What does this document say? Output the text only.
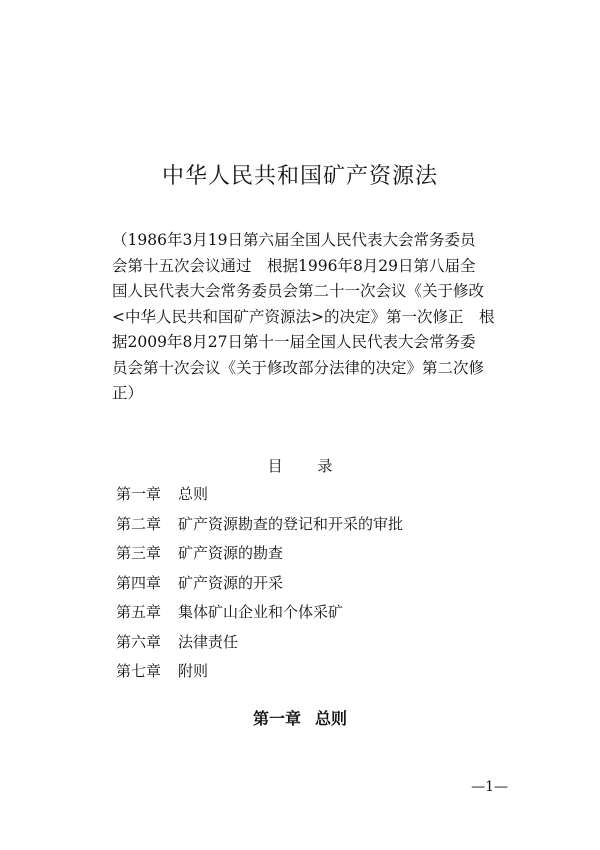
中华人民共和国矿产资源法
（1986年3月19日第六届全国人民代表大会常务委员
会第十五次会议通过　根据1996年8月29日第八届全
国人民代表大会常务委员会第二十一次会议《关于修改
<中华人民共和国矿产资源法>的决定》第一次修正　根
据2009年8月27日第十一届全国人民代表大会常务委
员会第十次会议《关于修改部分法律的决定》第二次修
正）
目 录
第一章 总则
第二章 矿产资源勘查的登记和开采的审批
第三章 矿产资源的勘查
第四章 矿产资源的开采
第五章 集体矿山企业和个体采矿
第六章 法律责任
第七章 附则
第一章 总则
—1—
